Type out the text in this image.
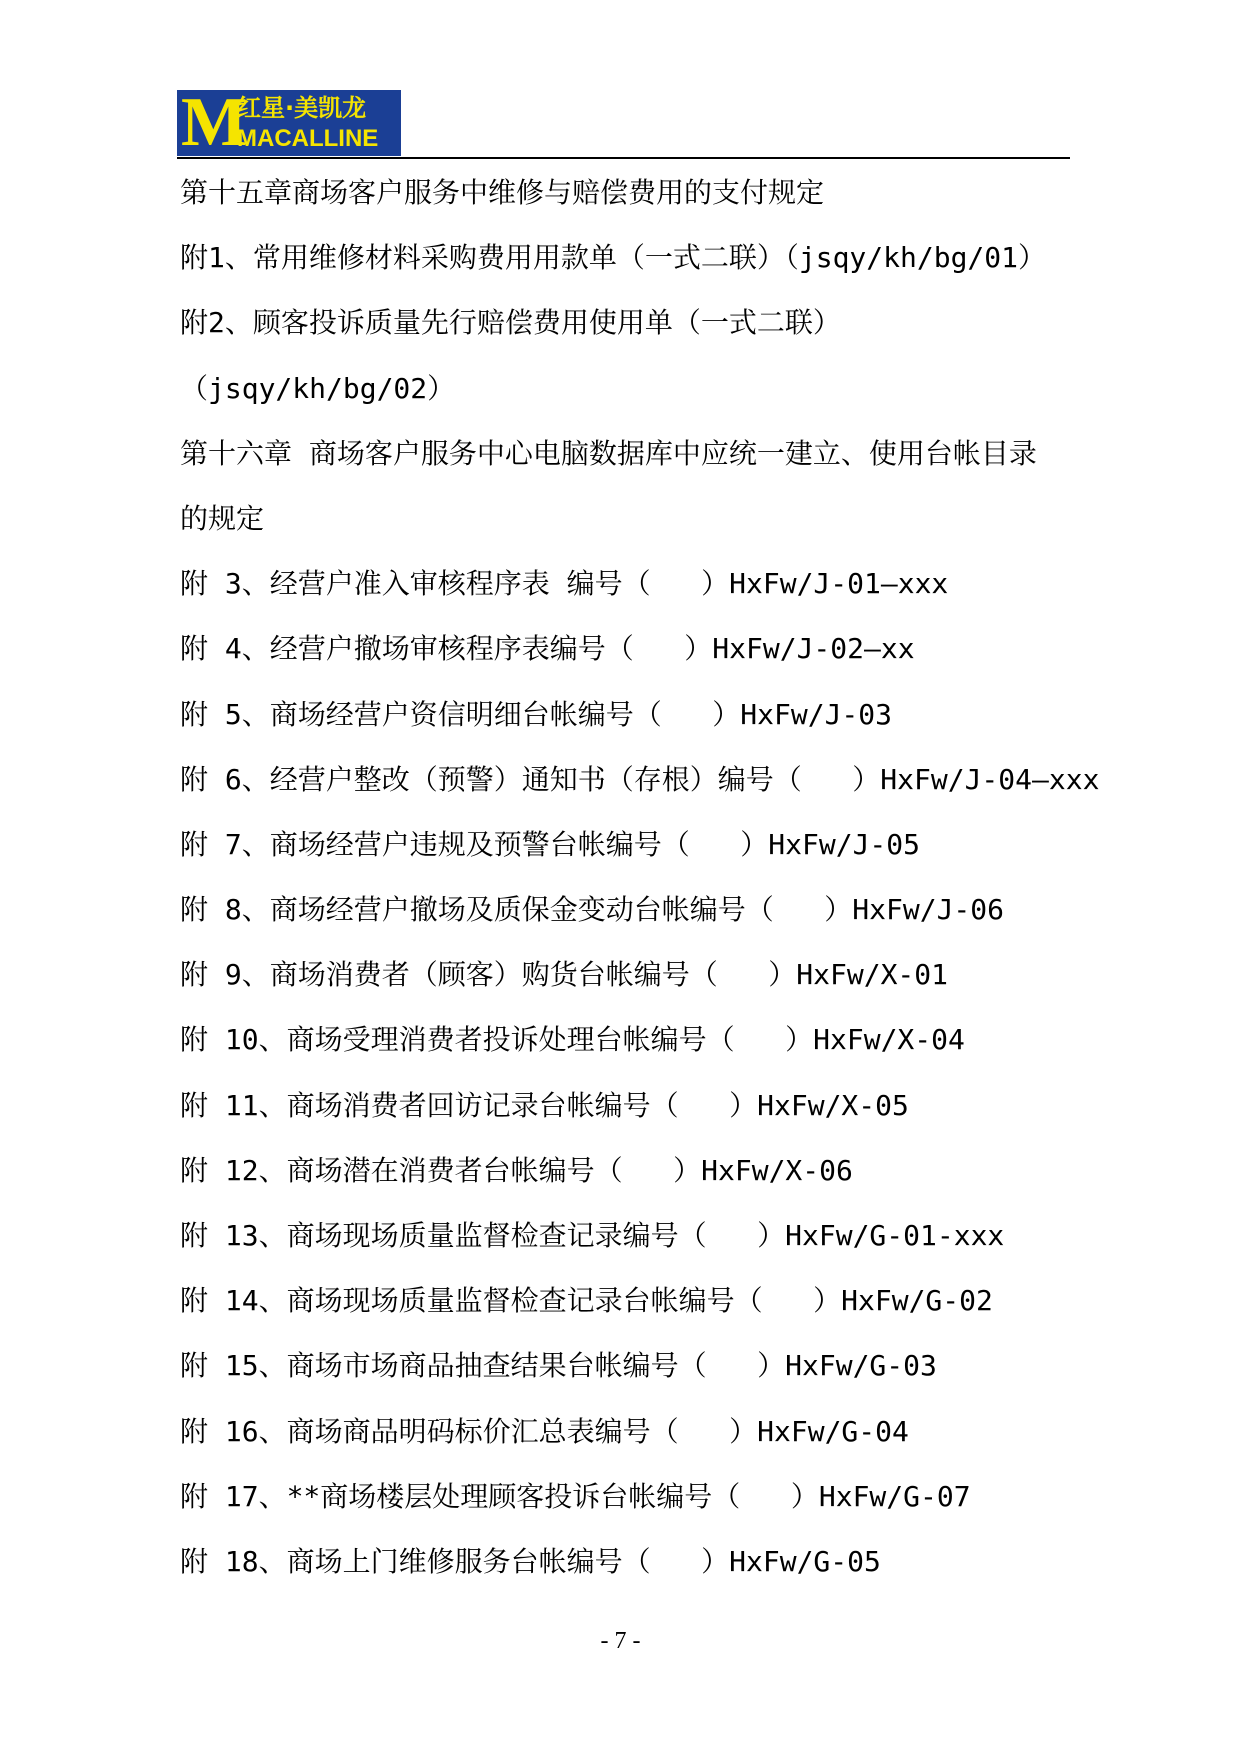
M
红星·美凯龙
MACALLINE
第十五章商场客户服务中维修与赔偿费用的支付规定
附1、常用维修材料采购费用用款单（一式二联）（jsqy/kh/bg/01）
附2、顾客投诉质量先行赔偿费用使用单（一式二联）
（jsqy/kh/bg/02）
第十六章 商场客户服务中心电脑数据库中应统一建立、使用台帐目录
的规定
附 3、经营户准入审核程序表 编号（   ）HxFw/J-01—xxx
附 4、经营户撤场审核程序表编号（   ）HxFw/J-02—xx
附 5、商场经营户资信明细台帐编号（   ）HxFw/J-03
附 6、经营户整改（预警）通知书（存根）编号（   ）HxFw/J-04—xxx
附 7、商场经营户违规及预警台帐编号（   ）HxFw/J-05
附 8、商场经营户撤场及质保金变动台帐编号（   ）HxFw/J-06
附 9、商场消费者（顾客）购货台帐编号（   ）HxFw/X-01
附 10、商场受理消费者投诉处理台帐编号（   ）HxFw/X-04
附 11、商场消费者回访记录台帐编号（   ）HxFw/X-05
附 12、商场潜在消费者台帐编号（   ）HxFw/X-06
附 13、商场现场质量监督检查记录编号（   ）HxFw/G-01-xxx
附 14、商场现场质量监督检查记录台帐编号（   ）HxFw/G-02
附 15、商场市场商品抽查结果台帐编号（   ）HxFw/G-03
附 16、商场商品明码标价汇总表编号（   ）HxFw/G-04
附 17、**商场楼层处理顾客投诉台帐编号（   ）HxFw/G-07
附 18、商场上门维修服务台帐编号（   ）HxFw/G-05
- 7 -
